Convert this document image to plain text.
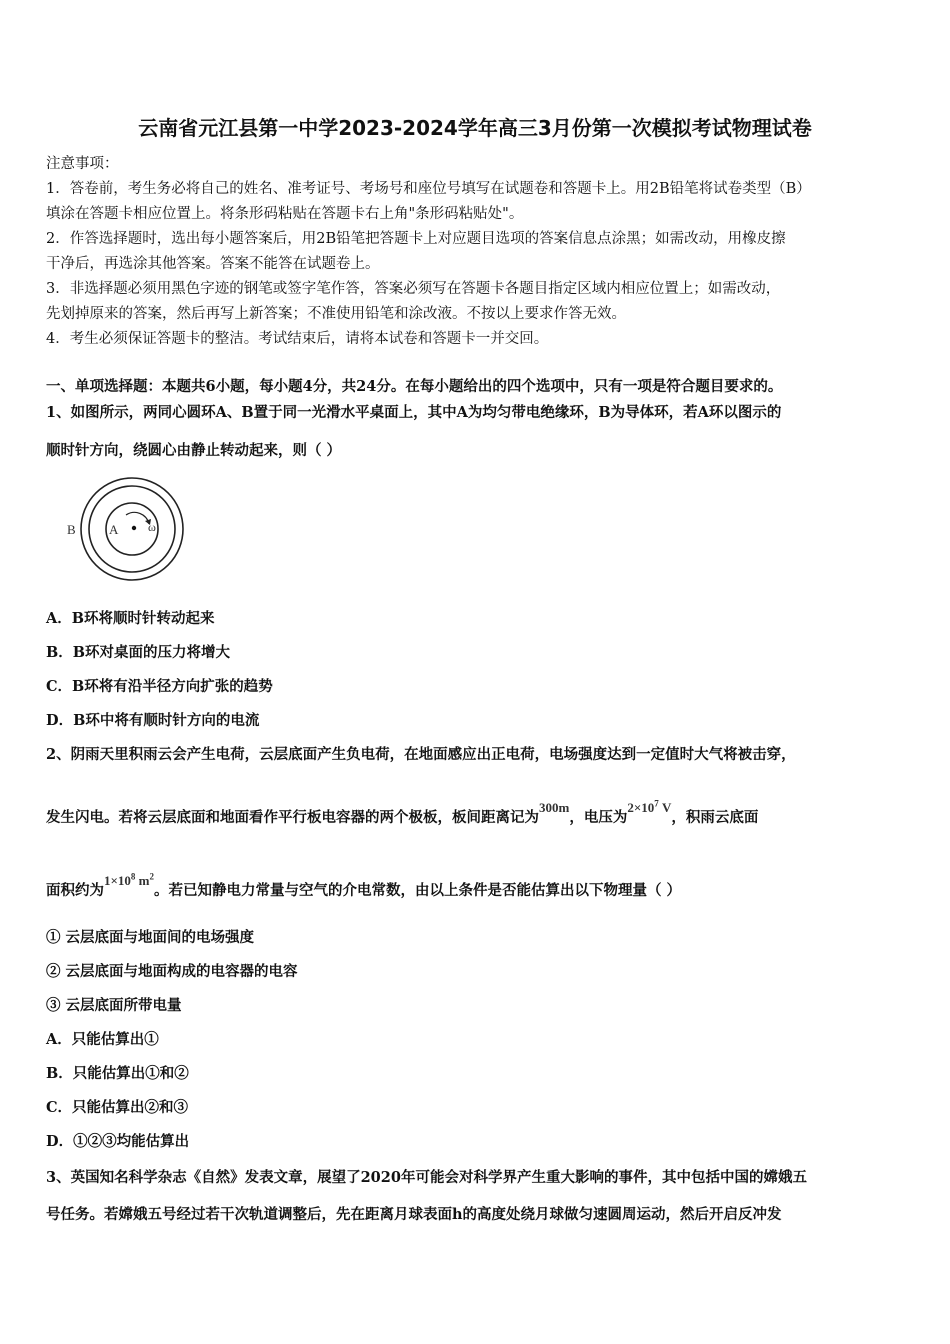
云南省元江县第一中学2023-2024学年高三3月份第一次模拟考试物理试卷
注意事项：
1．答卷前，考生务必将自己的姓名、准考证号、考场号和座位号填写在试题卷和答题卡上。用2B铅笔将试卷类型（B）
填涂在答题卡相应位置上。将条形码粘贴在答题卡右上角"条形码粘贴处"。
2．作答选择题时，选出每小题答案后，用2B铅笔把答题卡上对应题目选项的答案信息点涂黑；如需改动，用橡皮擦
干净后，再选涂其他答案。答案不能答在试题卷上。
3．非选择题必须用黑色字迹的钢笔或签字笔作答，答案必须写在答题卡各题目指定区域内相应位置上；如需改动，
先划掉原来的答案，然后再写上新答案；不准使用铅笔和涂改液。不按以上要求作答无效。
4．考生必须保证答题卡的整洁。考试结束后，请将本试卷和答题卡一并交回。
一、单项选择题：本题共6小题，每小题4分，共24分。在每小题给出的四个选项中，只有一项是符合题目要求的。
1、如图所示，两同心圆环A、B置于同一光滑水平桌面上，其中A为均匀带电绝缘环，B为导体环，若A环以图示的
顺时针方向，绕圆心由静止转动起来，则（ ）
B	A ω
A．B环将顺时针转动起来
B．B环对桌面的压力将增大
C．B环将有沿半径方向扩张的趋势
D．B环中将有顺时针方向的电流
2、阴雨天里积雨云会产生电荷，云层底面产生负电荷，在地面感应出正电荷，电场强度达到一定值时大气将被击穿，
发生闪电。若将云层底面和地面看作平行板电容器的两个极板，板间距离记为300m，电压为$2\times 10^7$ V，积雨云底面
面积约为$1\times 10^8$ $m^2$。若已知静电力常量与空气的介电常数，由以上条件是否能估算出以下物理量（ ）
① 云层底面与地面间的电场强度
② 云层底面与地面构成的电容器的电容
③ 云层底面所带电量
A．只能估算出①
B．只能估算出①和②
C．只能估算出②和③
D．①②③均能估算出
3、英国知名科学杂志《自然》发表文章，展望了2020年可能会对科学界产生重大影响的事件，其中包括中国的嫦娥五
号任务。若嫦娥五号经过若干次轨道调整后，先在距离月球表面h的高度处绕月球做匀速圆周运动，然后开启反冲发
